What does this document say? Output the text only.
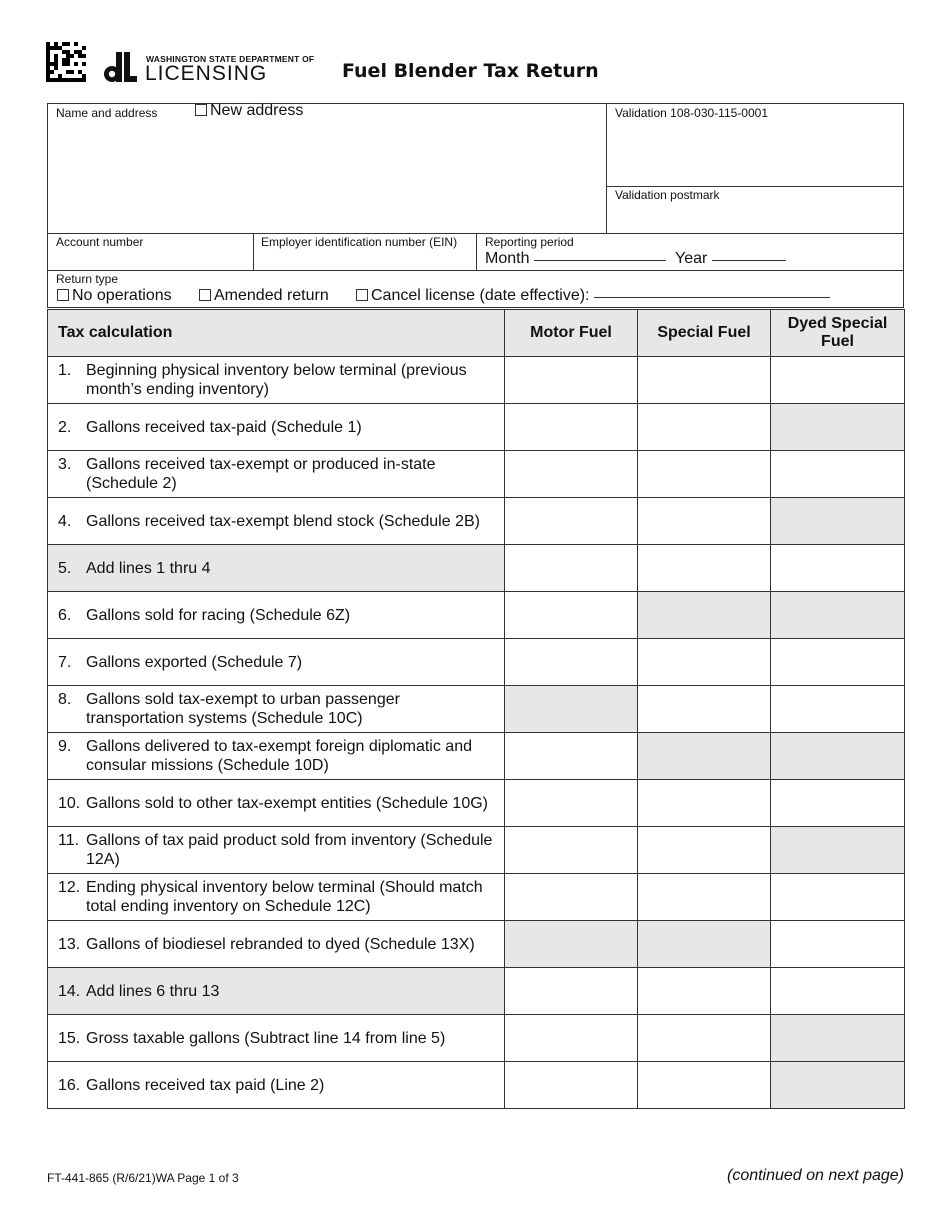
WASHINGTON STATE DEPARTMENT OF
LICENSING	Fuel Blender Tax Return
Name and address	New address	Validation 108-030-115-0001
Validation postmark
Account number	Employer identification number (EIN) Reporting period
Month	Year
Return type
No operations	Amended return	Cancel license (date effective):
Tax calculation	Motor Fuel	Special Fuel	Dyed Special Fuel
1. Beginning physical inventory below terminal (previous month’s ending inventory)			
2. Gallons received tax-paid (Schedule 1)			
3. Gallons received tax-exempt or produced in-state (Schedule 2)			
4. Gallons received tax-exempt blend stock (Schedule 2B)			
5. Add lines 1 thru 4			
6. Gallons sold for racing (Schedule 6Z)			
7. Gallons exported (Schedule 7)			
8. Gallons sold tax-exempt to urban passenger transportation systems (Schedule 10C)			
9. Gallons delivered to tax-exempt foreign diplomatic and consular missions (Schedule 10D)			
10. Gallons sold to other tax-exempt entities (Schedule 10G)			
11. Gallons of tax paid product sold from inventory (Schedule 12A)			
12. Ending physical inventory below terminal (Should match total ending inventory on Schedule 12C)			
13. Gallons of biodiesel rebranded to dyed (Schedule 13X)			
14. Add lines 6 thru 13			
15. Gross taxable gallons (Subtract line 14 from line 5)			
16. Gallons received tax paid (Line 2)			
FT-441-865 (R/6/21)WA Page 1 of 3	(continued on next page)
